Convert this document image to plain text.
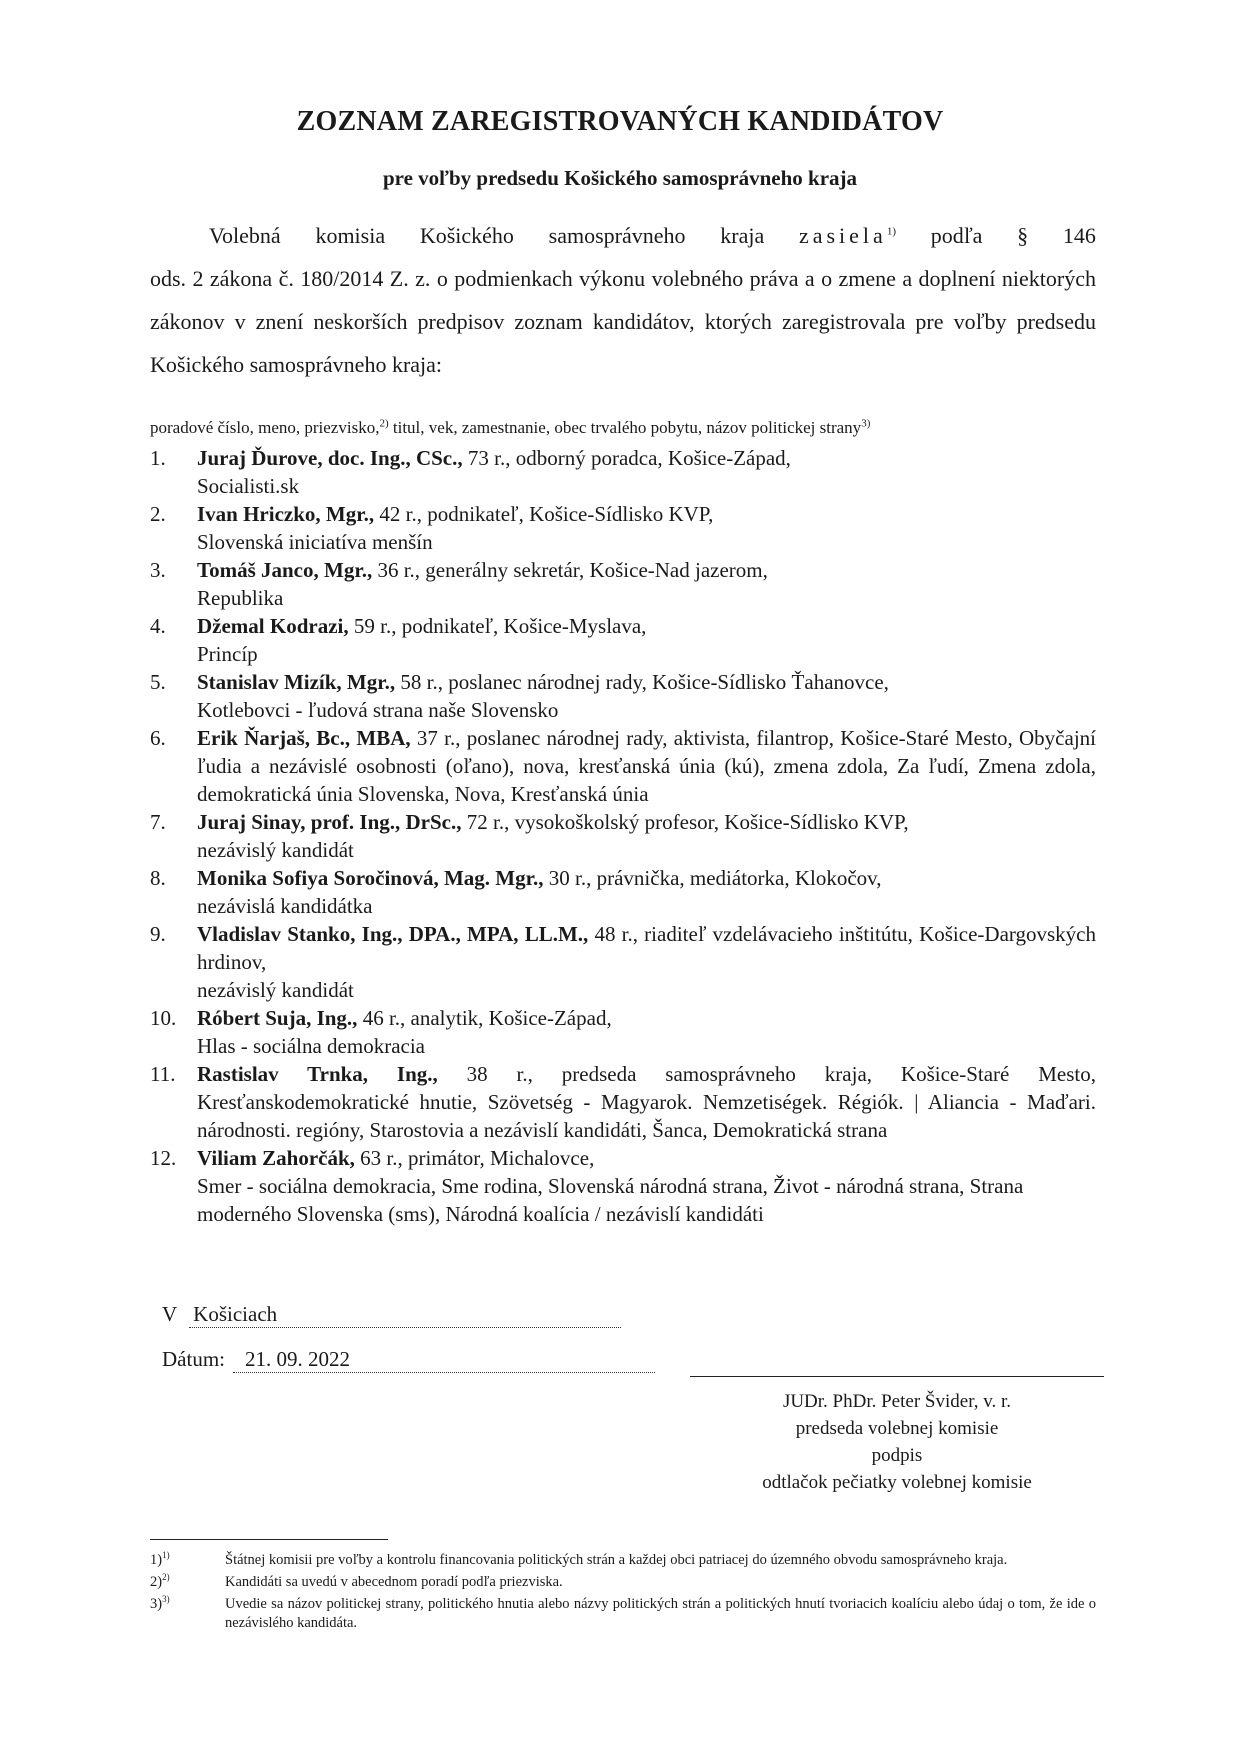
ZOZNAM ZAREGISTROVANÝCH KANDIDÁTOV
pre voľby predsedu Košického samosprávneho kraja
Volebná komisia Košického samosprávneho kraja zasiela$^{1)}$ podľa § 146
ods. 2 zákona č. 180/2014 Z. z. o podmienkach výkonu volebného práva a o zmene a doplnení niektorých zákonov v znení neskorších predpisov zoznam kandidátov, ktorých zaregistrovala pre voľby predsedu Košického samosprávneho kraja:
poradové číslo, meno, priezvisko,$^{2)}$ titul, vek, zamestnanie, obec trvalého pobytu, názov politickej strany$^{3)}$
1.	Juraj Ďurove, doc. Ing., CSc., 73 r., odborný poradca, Košice-Západ,
Socialisti.sk
2.	Ivan Hriczko, Mgr., 42 r., podnikateľ, Košice-Sídlisko KVP,
Slovenská iniciatíva menšín
3.	Tomáš Janco, Mgr., 36 r., generálny sekretár, Košice-Nad jazerom,
Republika
4.	Džemal Kodrazi, 59 r., podnikateľ, Košice-Myslava,
Princíp
5.	Stanislav Mizík, Mgr., 58 r., poslanec národnej rady, Košice-Sídlisko Ťahanovce,
Kotlebovci - ľudová strana naše Slovensko
6.	Erik Ňarjaš, Bc., MBA, 37 r., poslanec národnej rady, aktivista, filantrop, Košice-Staré Mesto, Obyčajní ľudia a nezávislé osobnosti (oľano), nova, kresťanská únia (kú), zmena zdola, Za ľudí, Zmena zdola, demokratická únia Slovenska, Nova, Kresťanská únia
7.	Juraj Sinay, prof. Ing., DrSc., 72 r., vysokoškolský profesor, Košice-Sídlisko KVP,
nezávislý kandidát
8.	Monika Sofiya Soročinová, Mag. Mgr., 30 r., právnička, mediátorka, Klokočov,
nezávislá kandidátka
9.	Vladislav Stanko, Ing., DPA., MPA, LL.M., 48 r., riaditeľ vzdelávacieho inštitútu, Košice-Dargovských hrdinov,
nezávislý kandidát
10. Róbert Suja, Ing., 46 r., analytik, Košice-Západ,
Hlas - sociálna demokracia
11.	Rastislav Trnka, Ing., 38 r., predseda samosprávneho kraja, Košice-Staré Mesto, Kresťanskodemokratické hnutie, Szövetség - Magyarok. Nemzetiségek. Régiók. | Aliancia - Maďari. národnosti. regióny, Starostovia a nezávislí kandidáti, Šanca, Demokratická strana
12. Viliam Zahorčák, 63 r., primátor, Michalovce,
Smer - sociálna demokracia, Sme rodina, Slovenská národná strana, Život - národná strana, Strana moderného Slovenska (sms), Národná koalícia / nezávislí kandidáti
V Košiciach
Dátum: 21. 09. 2022
JUDr. PhDr. Peter Švider, v. r.
predseda volebnej komisie
podpis
odtlačok pečiatky volebnej komisie
1)$^{1)}$	Štátnej komisii pre voľby a kontrolu financovania politických strán a každej obci patriacej do územného obvodu samosprávneho kraja.
2)$^{2)}$	Kandidáti sa uvedú v abecednom poradí podľa priezviska.
3)$^{3)}$	Uvedie sa názov politickej strany, politického hnutia alebo názvy politických strán a politických hnutí tvoriacich koalíciu alebo údaj o tom, že ide o nezávislého kandidáta.
